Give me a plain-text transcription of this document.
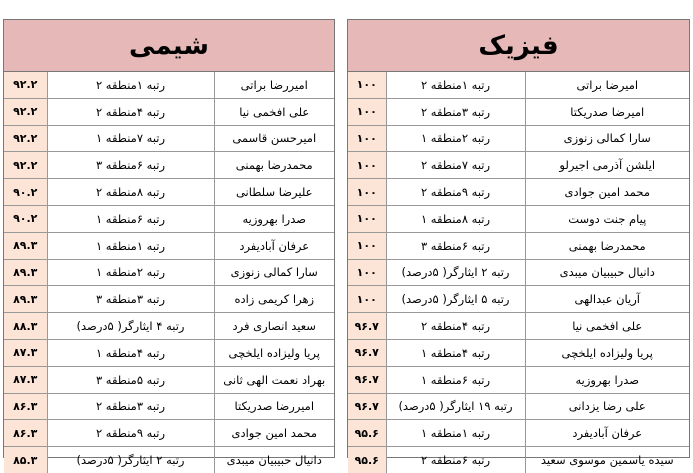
شیمی
امیررضا براتی	رتبه ۱منطقه ۲	۹۲.۲
علی افخمی نیا	رتبه ۴منطقه ۲	۹۲.۲
امیرحسن قاسمی	رتبه ۷منطقه ۱	۹۲.۲
محمدرضا بهمنی	رتبه ۶منطقه ۳	۹۲.۲
علیرضا سلطانی	رتبه ۸منطقه ۲	۹۰.۲
صدرا بهروزیه	رتبه ۶منطقه ۱	۹۰.۲
عرفان آبادیفرد	رتبه ۱منطقه ۱	۸۹.۳
سارا کمالی زنوزی	رتبه ۲منطقه ۱	۸۹.۳
زهرا کریمی زاده	رتبه ۳منطقه ۳	۸۹.۳
سعید انصاری فرد	رتبه ۴ ایثارگر( ۵درصد)	۸۸.۳
پریا ولیزاده ایلخچی	رتبه ۴منطقه ۱	۸۷.۳
بهراد نعمت الهی ثانی	رتبه ۵منطقه ۳	۸۷.۳
امیررضا صدریکتا	رتبه ۳منطقه ۲	۸۶.۳
محمد امین جوادی	رتبه ۹منطقه ۲	۸۶.۳
دانیال حبیبیان میبدی	رتبه ۲ ایثارگر( ۵درصد)	۸۵.۳
فیزیک
امیرضا براتی	رتبه ۱منطقه ۲	۱۰۰
امیرضا صدریکتا	رتبه ۳منطقه ۲	۱۰۰
سارا کمالی زنوزی	رتبه ۲منطقه ۱	۱۰۰
ایلشن آذرمی اجیرلو	رتبه ۷منطقه ۲	۱۰۰
محمد امین جوادی	رتبه ۹منطقه ۲	۱۰۰
پیام جنت دوست	رتبه ۸منطقه ۱	۱۰۰
محمدرضا بهمنی	رتبه ۶منطقه ۳	۱۰۰
دانیال حبیبیان میبدی	رتبه ۲ ایثارگر( ۵درصد)	۱۰۰
آریان عبدالهی	رتبه ۵ ایثارگر( ۵درصد)	۱۰۰
علی افخمی نیا	رتبه ۴منطقه ۲	۹۶.۷
پریا ولیزاده ایلخچی	رتبه ۴منطقه ۱	۹۶.۷
صدرا بهروزیه	رتبه ۶منطقه ۱	۹۶.۷
علی رضا یزدانی	رتبه ۱۹ ایثارگر( ۵درصد)	۹۶.۷
عرفان آبادیفرد	رتبه ۱منطقه ۱	۹۵.۶
سیده یاسمین موسوی سعید	رتبه ۶منطقه ۲	۹۵.۶
